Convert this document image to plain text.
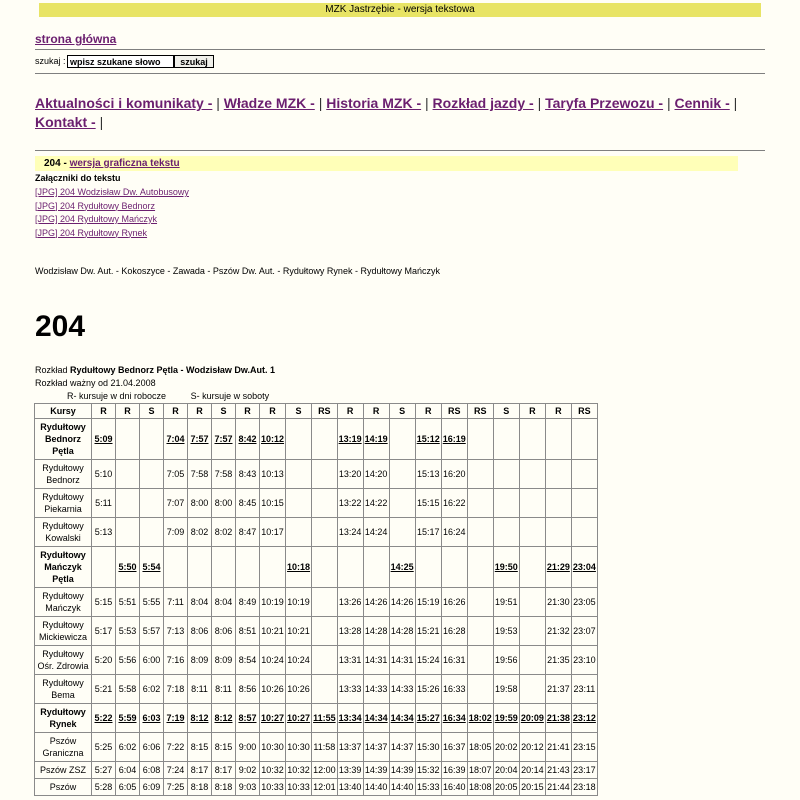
MZK Jastrzębie - wersja tekstowa
strona główna
szukaj :
wpisz szukane słowo	szukaj
Aktualności i komunikaty - | Władze MZK - | Historia MZK - | Rozkład jazdy - | Taryfa Przewozu - | Cennik - | Kontakt - |
204 - wersja graficzna tekstu
Załączniki do tekstu
[JPG] 204 Wodzisław Dw. Autobusowy
[JPG] 204 Rydułtowy Bednorz
[JPG] 204 Rydułtowy Mańczyk
[JPG] 204 Rydułtowy Rynek
Wodzisław Dw. Aut. - Kokoszyce - Zawada - Pszów Dw. Aut. - Rydułtowy Rynek - Rydułtowy Mańczyk
204
Rozkład Rydułtowy Bednorz Pętla - Wodzisław Dw.Aut. 1
Rozkład ważny od 21.04.2008
R- kursuje w dni robocze	S- kursuje w soboty
Kursy	R	R	S	R	R	S	R	R	S	RS	R	R	S	R	RS	RS	S	R	R	RS
Rydułtowy Bednorz Pętla	5:09			7:04	7:57	7:57	8:42	10:12			13:19	14:19		15:12	16:19					
Rydułtowy Bednorz	5:10			7:05	7:58	7:58	8:43	10:13			13:20	14:20		15:13	16:20					
Rydułtowy Piekarnia	5:11			7:07	8:00	8:00	8:45	10:15			13:22	14:22		15:15	16:22					
Rydułtowy Kowalski	5:13			7:09	8:02	8:02	8:47	10:17			13:24	14:24		15:17	16:24					
Rydułtowy Mańczyk Pętla		5:50	5:54						10:18				14:25				19:50		21:29	23:04
Rydułtowy Mańczyk	5:15	5:51	5:55	7:11	8:04	8:04	8:49	10:19	10:19		13:26	14:26	14:26	15:19	16:26		19:51		21:30	23:05
Rydułtowy Mickiewicza	5:17	5:53	5:57	7:13	8:06	8:06	8:51	10:21	10:21		13:28	14:28	14:28	15:21	16:28		19:53		21:32	23:07
Rydułtowy Ośr. Zdrowia	5:20	5:56	6:00	7:16	8:09	8:09	8:54	10:24	10:24		13:31	14:31	14:31	15:24	16:31		19:56		21:35	23:10
Rydułtowy Bema	5:21	5:58	6:02	7:18	8:11	8:11	8:56	10:26	10:26		13:33	14:33	14:33	15:26	16:33		19:58		21:37	23:11
Rydułtowy Rynek	5:22	5:59	6:03	7:19	8:12	8:12	8:57	10:27	10:27	11:55	13:34	14:34	14:34	15:27	16:34	18:02	19:59	20:09	21:38	23:12
Pszów Graniczna	5:25	6:02	6:06	7:22	8:15	8:15	9:00	10:30	10:30	11:58	13:37	14:37	14:37	15:30	16:37	18:05	20:02	20:12	21:41	23:15
Pszów ZSZ	5:27	6:04	6:08	7:24	8:17	8:17	9:02	10:32	10:32	12:00	13:39	14:39	14:39	15:32	16:39	18:07	20:04	20:14	21:43	23:17
Pszów	5:28	6:05	6:09	7:25	8:18	8:18	9:03	10:33	10:33	12:01	13:40	14:40	14:40	15:33	16:40	18:08	20:05	20:15	21:44	23:18
